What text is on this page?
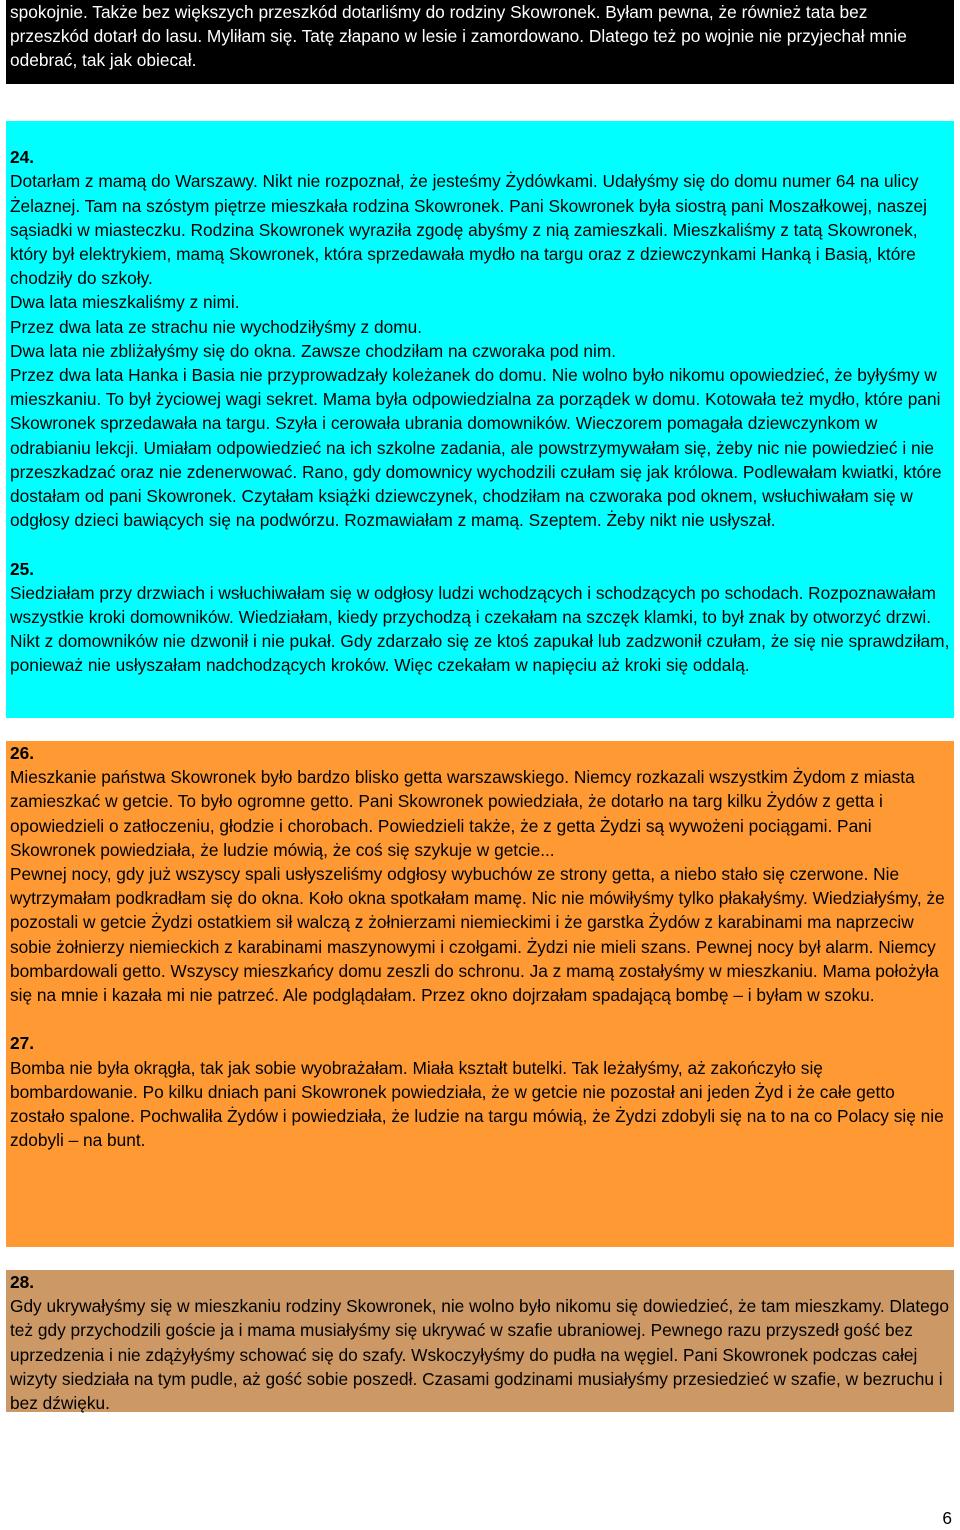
spokojnie. Także bez większych przeszkód dotarliśmy do rodziny Skowronek. Byłam pewna, że również tata bez przeszkód dotarł do lasu. Myliłam się. Tatę złapano w lesie i zamordowano. Dlatego też po wojnie nie przyjechał mnie odebrać, tak jak obiecał.

24.

Dotarłam z mamą do Warszawy. Nikt nie rozpoznał, że jesteśmy Żydówkami. Udałyśmy się do domu numer 64 na ulicy Żelaznej. Tam na szóstym piętrze mieszkała rodzina Skowronek. Pani Skowronek była siostrą pani Moszałkowej, naszej sąsiadki w miasteczku. Rodzina Skowronek wyraziła zgodę abyśmy z nią zamieszkali. Mieszkaliśmy z tatą Skowronek, który był elektrykiem, mamą Skowronek, która sprzedawała mydło na targu oraz z dziewczynkami Hanką i Basią, które chodziły do szkoły.

Dwa lata mieszkaliśmy z nimi.

Przez dwa lata ze strachu nie wychodziłyśmy z domu.

Dwa lata nie zbliżałyśmy się do okna. Zawsze chodziłam na czworaka pod nim.

Przez dwa lata Hanka i Basia nie przyprowadzały koleżanek do domu. Nie wolno było nikomu opowiedzieć, że byłyśmy w mieszkaniu. To był życiowej wagi sekret. Mama była odpowiedzialna za porządek w domu. Kotowała też mydło, które pani Skowronek sprzedawała na targu. Szyła i cerowała ubrania domowników. Wieczorem pomagała dziewczynkom w odrabianiu lekcji. Umiałam odpowiedzieć na ich szkolne zadania, ale powstrzymywałam się, żeby nic nie powiedzieć i nie przeszkadzać oraz nie zdenerwować. Rano, gdy domownicy wychodzili czułam się jak królowa. Podlewałam kwiatki, które dostałam od pani Skowronek. Czytałam książki dziewczynek, chodziłam na czworaka pod oknem, wsłuchiwałam się w odgłosy dzieci bawiących się na podwórzu. Rozmawiałam z mamą. Szeptem. Żeby nikt nie usłyszał.

25.

Siedziałam przy drzwiach i wsłuchiwałam się w odgłosy ludzi wchodzących i schodzących po schodach. Rozpoznawałam wszystkie kroki domowników. Wiedziałam, kiedy przychodzą i czekałam na szczęk klamki, to był znak by otworzyć drzwi. Nikt z domowników nie dzwonił i nie pukał. Gdy zdarzało się ze ktoś zapukał lub zadzwonił czułam, że się nie sprawdziłam, ponieważ nie usłyszałam nadchodzących kroków. Więc czekałam w napięciu aż kroki się oddalą.

26.

Mieszkanie państwa Skowronek było bardzo blisko getta warszawskiego. Niemcy rozkazali wszystkim Żydom z miasta zamieszkać w getcie. To było ogromne getto. Pani Skowronek powiedziała, że dotarło na targ kilku Żydów z getta i opowiedzieli o zatłoczeniu, głodzie i chorobach. Powiedzieli także, że z getta Żydzi są wywożeni pociągami. Pani Skowronek powiedziała, że ludzie mówią, że coś się szykuje w getcie...

Pewnej nocy, gdy już wszyscy spali usłyszeliśmy odgłosy wybuchów ze strony getta, a niebo stało się czerwone. Nie wytrzymałam podkradłam się do okna. Koło okna spotkałam mamę. Nic nie mówiłyśmy tylko płakałyśmy. Wiedziałyśmy, że pozostali w getcie Żydzi ostatkiem sił walczą z żołnierzami niemieckimi i że garstka Żydów z karabinami ma naprzeciw sobie żołnierzy niemieckich z karabinami maszynowymi i czołgami. Żydzi nie mieli szans. Pewnej nocy był alarm. Niemcy bombardowali getto. Wszyscy mieszkańcy domu zeszli do schronu. Ja z mamą zostałyśmy w mieszkaniu. Mama położyła się na mnie i kazała mi nie patrzeć. Ale podglądałam. Przez okno dojrzałam spadającą bombę – i byłam w szoku.

27.

Bomba nie była okrągła, tak jak sobie wyobrażałam. Miała kształt butelki. Tak leżałyśmy, aż zakończyło się bombardowanie. Po kilku dniach pani Skowronek powiedziała, że w getcie nie pozostał ani jeden Żyd i że całe getto zostało spalone. Pochwaliła Żydów i powiedziała, że ludzie na targu mówią, że Żydzi zdobyli się na to na co Polacy się nie zdobyli – na bunt.

28.

Gdy ukrywałyśmy się w mieszkaniu rodziny Skowronek, nie wolno było nikomu się dowiedzieć, że tam mieszkamy. Dlatego też gdy przychodzili goście ja i mama musiałyśmy się ukrywać w szafie ubraniowej. Pewnego razu przyszedł gość bez uprzedzenia i nie zdążyłyśmy schować się do szafy. Wskoczyłyśmy do pudła na węgiel. Pani Skowronek podczas całej wizyty siedziała na tym pudle, aż gość sobie poszedł. Czasami godzinami musiałyśmy przesiedzieć w szafie, w bezruchu i bez dźwięku.

6
